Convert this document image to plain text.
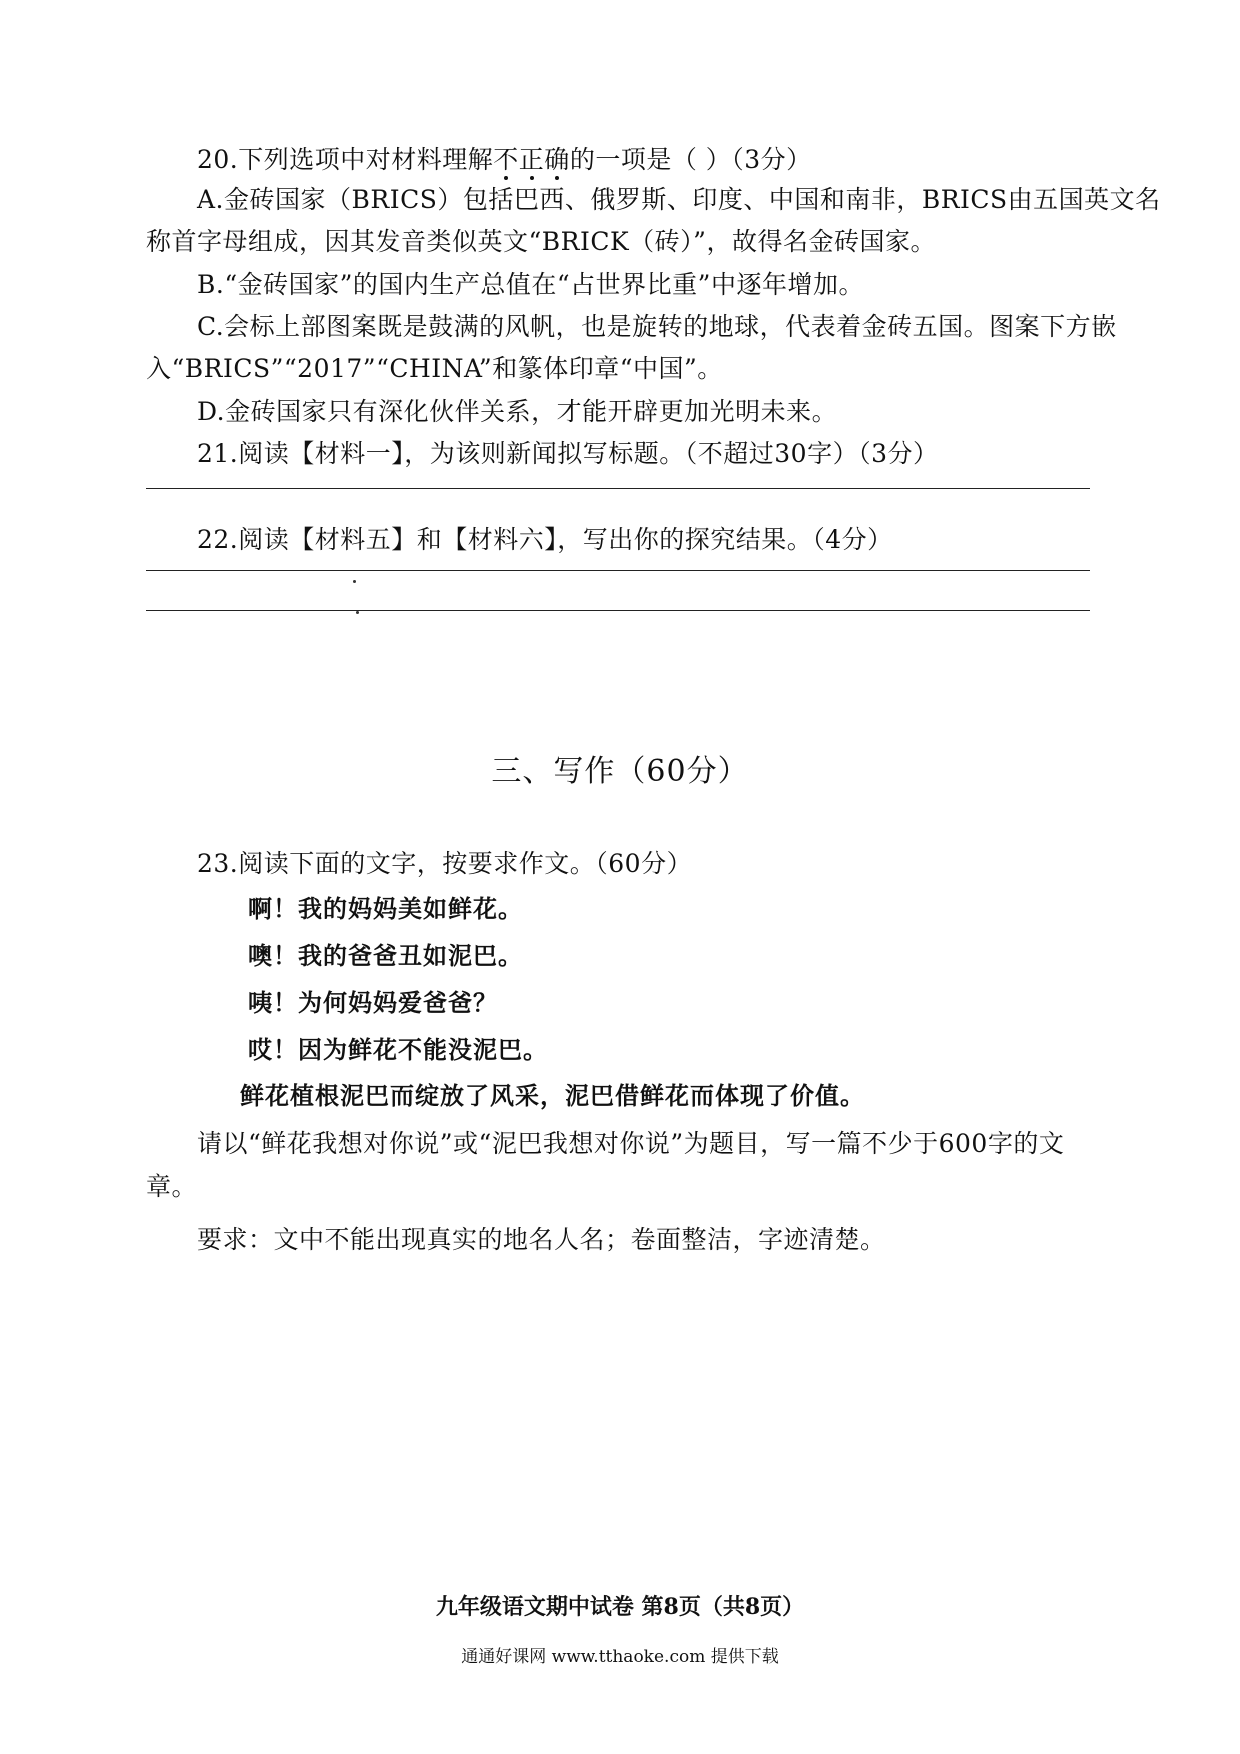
20.下列选项中对材料理解不正确的一项是（ ）（3分）
A.金砖国家（BRICS）包括巴西、俄罗斯、印度、中国和南非，BRICS由五国英文名
称首字母组成，因其发音类似英文“BRICK（砖）”，故得名金砖国家。
B.“金砖国家”的国内生产总值在“占世界比重”中逐年增加。
C.会标上部图案既是鼓满的风帆，也是旋转的地球，代表着金砖五国。图案下方嵌
入“BRICS”“2017”“CHINA”和篆体印章“中国”。
D.金砖国家只有深化伙伴关系，才能开辟更加光明未来。
21.阅读【材料一】，为该则新闻拟写标题。（不超过30字）（3分）
22.阅读【材料五】和【材料六】，写出你的探究结果。（4分）
三、写作（60分）
23.阅读下面的文字，按要求作文。（60分）
啊！我的妈妈美如鲜花。
噢！我的爸爸丑如泥巴。
咦！为何妈妈爱爸爸？
哎！因为鲜花不能没泥巴。
鲜花植根泥巴而绽放了风采，泥巴借鲜花而体现了价值。
请以“鲜花我想对你说”或“泥巴我想对你说”为题目，写一篇不少于600字的文
章。
要求：文中不能出现真实的地名人名；卷面整洁，字迹清楚。
九年级语文期中试卷 第8页（共8页）
通通好课网 www.tthaoke.com 提供下载
